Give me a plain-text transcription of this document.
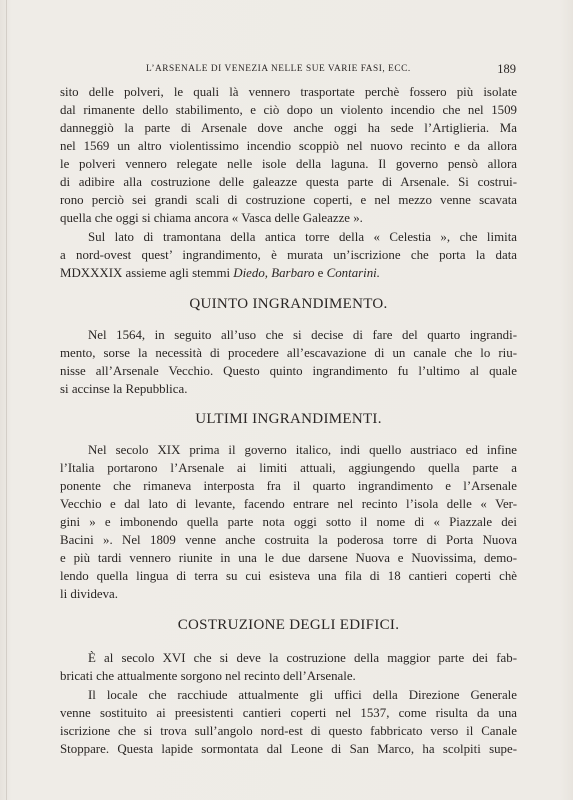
L’ARSENALE DI VENEZIA NELLE SUE VARIE FASI, ECC.	189
sito delle polveri, le quali là vennero trasportate perchè fossero più isolate
dal rimanente dello stabilimento, e ciò dopo un violento incendio che nel 1509
danneggiò la parte di Arsenale dove anche oggi ha sede l’Artiglieria. Ma
nel 1569 un altro violentissimo incendio scoppiò nel nuovo recinto e da allora
le polveri vennero relegate nelle isole della laguna. Il governo pensò allora
di adibire alla costruzione delle galeazze questa parte di Arsenale. Si costrui-
rono perciò sei grandi scali di costruzione coperti, e nel mezzo venne scavata
quella che oggi si chiama ancora « Vasca delle Galeazze ».
Sul lato di tramontana della antica torre della « Celestia », che limita
a nord-ovest quest’ ingrandimento, è murata un’iscrizione che porta la data
MDXXXIX assieme agli stemmi Diedo, Barbaro e Contarini.
QUINTO INGRANDIMENTO.
Nel 1564, in seguito all’uso che si decise di fare del quarto ingrandi-
mento, sorse la necessità di procedere all’escavazione di un canale che lo riu-
nisse all’Arsenale Vecchio. Questo quinto ingrandimento fu l’ultimo al quale
si accinse la Repubblica.
ULTIMI INGRANDIMENTI.
Nel secolo XIX prima il governo italico, indi quello austriaco ed infine
l’Italia portarono l’Arsenale ai limiti attuali, aggiungendo quella parte a
ponente che rimaneva interposta fra il quarto ingrandimento e l’Arsenale
Vecchio e dal lato di levante, facendo entrare nel recinto l’isola delle « Ver-
gini » e imbonendo quella parte nota oggi sotto il nome di « Piazzale dei
Bacini ». Nel 1809 venne anche costruita la poderosa torre di Porta Nuova
e più tardi vennero riunite in una le due darsene Nuova e Nuovissima, demo-
lendo quella lingua di terra su cui esisteva una fila di 18 cantieri coperti chè
li divideva.
COSTRUZIONE DEGLI EDIFICI.
È al secolo XVI che si deve la costruzione della maggior parte dei fab-
bricati che attualmente sorgono nel recinto dell’Arsenale.
Il locale che racchiude attualmente gli uffici della Direzione Generale
venne sostituito ai preesistenti cantieri coperti nel 1537, come risulta da una
iscrizione che si trova sull’angolo nord-est di questo fabbricato verso il Canale
Stoppare. Questa lapide sormontata dal Leone di San Marco, ha scolpiti supe-
